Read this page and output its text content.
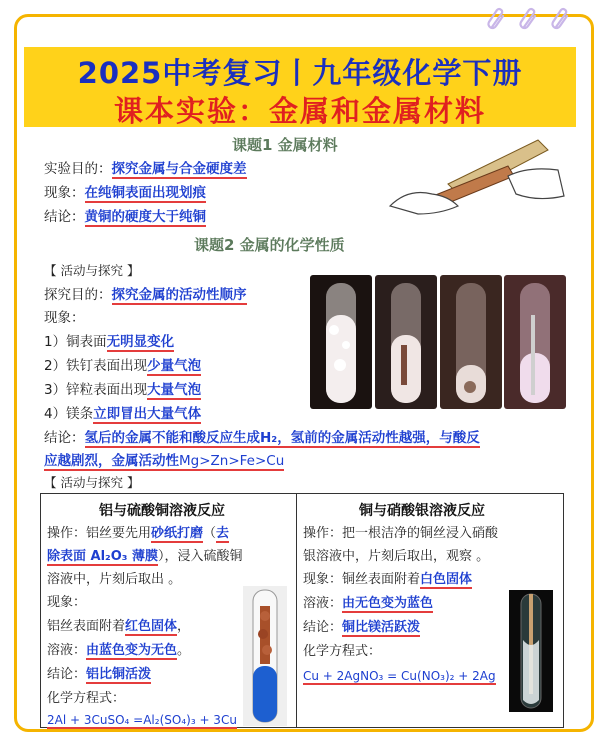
2025中考复习丨九年级化学下册
课本实验：金属和金属材料
课题1 金属材料
实验目的：探究金属与合金硬度差
现象：在纯铜表面出现划痕
结论：黄铜的硬度大于纯铜
课题2 金属的化学性质
【 活动与探究 】
探究目的：探究金属的活动性顺序
现象：
1）铜表面无明显变化
2）铁钉表面出现少量气泡
3）锌粒表面出现大量气泡
4）镁条立即冒出大量气体
结论：氢后的金属不能和酸反应生成H₂，氢前的金属活动性越强，与酸反
应越剧烈，金属活动性Mg>Zn>Fe>Cu
【 活动与探究 】
铝与硫酸铜溶液反应
操作：铝丝要先用砂纸打磨（去
除表面 Al₂O₃ 薄膜），浸入硫酸铜
溶液中，片刻后取出 。
现象：
铝丝表面附着红色固体，
溶液：由蓝色变为无色。
结论：铝比铜活泼
化学方程式：
2Al + 3CuSO₄ =Al₂(SO₄)₃ + 3Cu
铜与硝酸银溶液反应
操作：把一根洁净的铜丝浸入硝酸
银溶液中，片刻后取出，观察 。
现象：铜丝表面附着白色固体
溶液：由无色变为蓝色
结论：铜比镁活跃泼
化学方程式：
Cu + 2AgNO₃ = Cu(NO₃)₂ + 2Ag
